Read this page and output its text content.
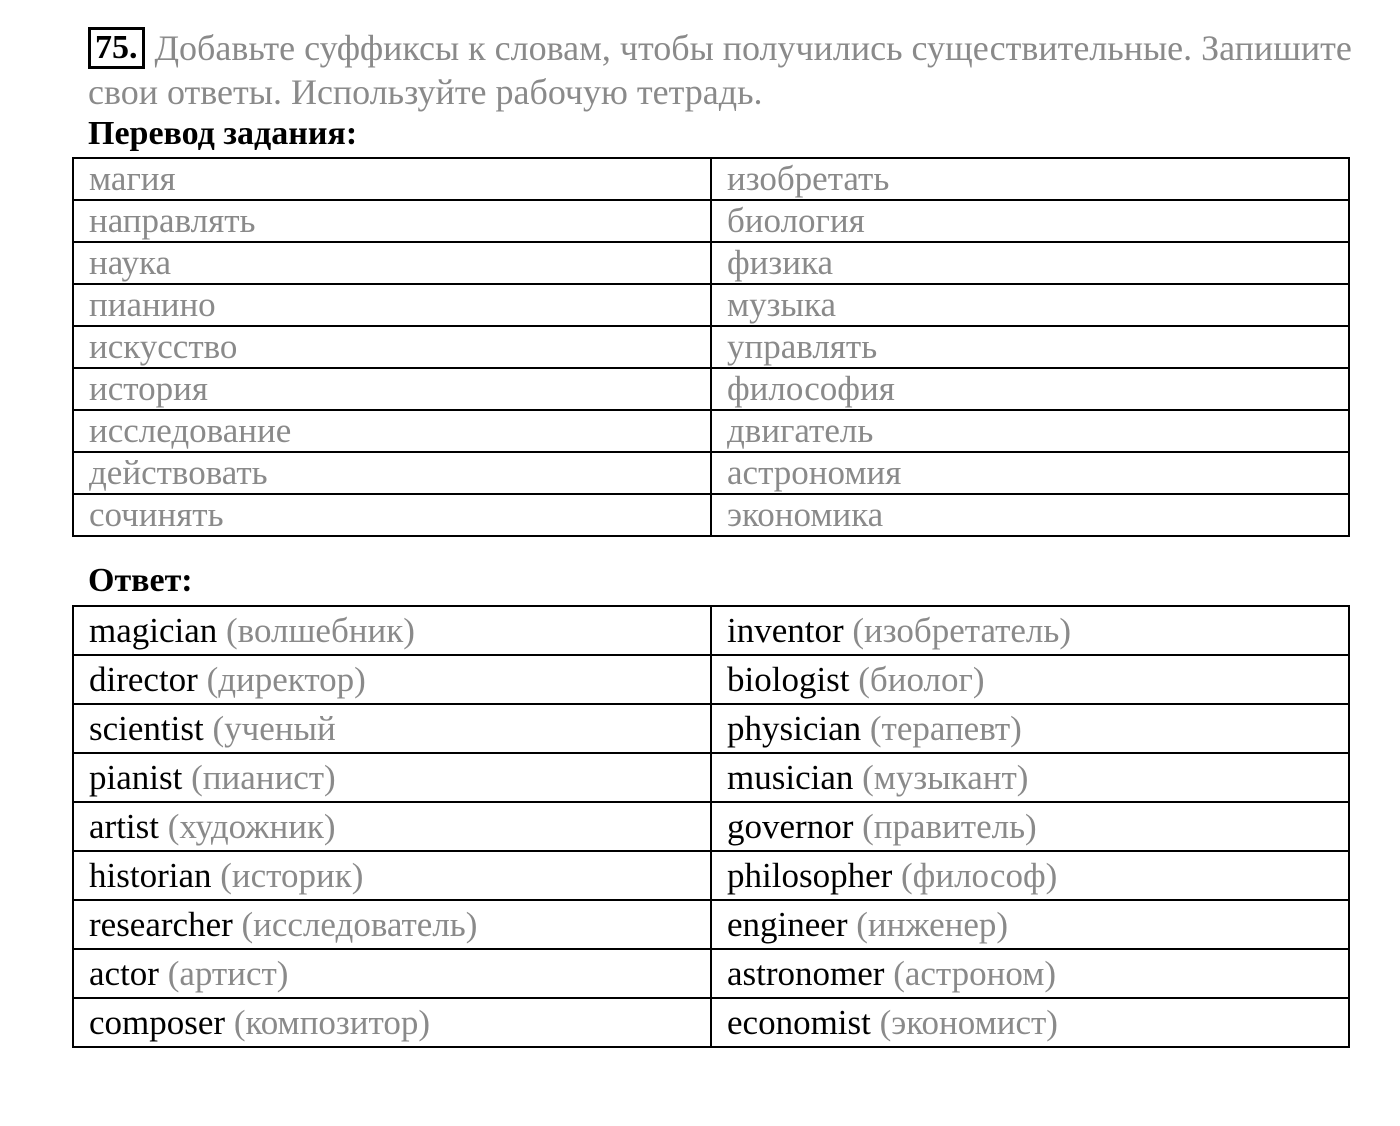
75. Добавьте суффиксы к словам, чтобы получились существительные. Запишите свои ответы. Используйте рабочую тетрадь.
Перевод задания:
магия	изобретать
направлять	биология
наука	физика
пианино	музыка
искусство	управлять
история	философия
исследование	двигатель
действовать	астрономия
сочинять	экономика
Ответ:
magician (волшебник)	inventor (изобретатель)
director (директор)	biologist (биолог)
scientist (ученый	physician (терапевт)
pianist (пианист)	musician (музыкант)
artist (художник)	governor (правитель)
historian (историк)	philosopher (философ)
researcher (исследователь)	engineer (инженер)
actor (артист)	astronomer (астроном)
composer (композитор)	economist (экономист)
